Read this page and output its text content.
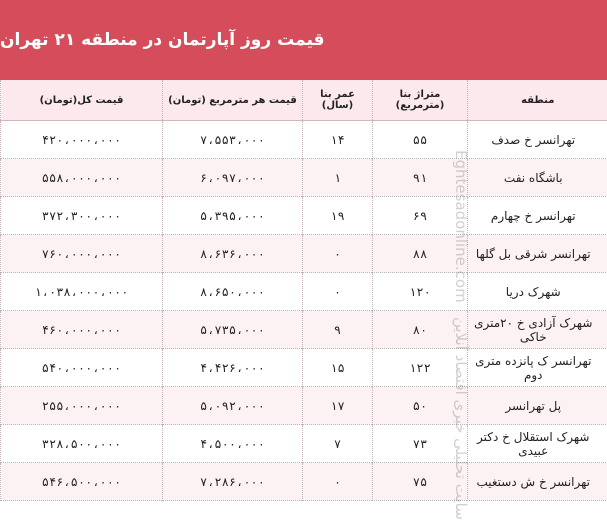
قیمت روز آپارتمان در منطقه ۲۱ تهران
منطقه	متراژ بنا (مترمربع)	عمر بنا (سال)	قیمت هر مترمربع (تومان)	قیمت کل(تومان)
تهرانسر خ صدف	۵۵	۱۴	۷،۵۵۳،۰۰۰	۴۲۰،۰۰۰،۰۰۰
باشگاه نفت	۹۱	۱	۶،۰۹۷،۰۰۰	۵۵۸،۰۰۰،۰۰۰
تهرانسر خ چهارم	۶۹	۱۹	۵،۳۹۵،۰۰۰	۳۷۲،۳۰۰،۰۰۰
تهرانسر شرقی بل گلها	۸۸	۰	۸،۶۳۶،۰۰۰	۷۶۰،۰۰۰،۰۰۰
شهرک دریا	۱۲۰	۰	۸،۶۵۰،۰۰۰	۱،۰۳۸،۰۰۰،۰۰۰
شهرک آزادی خ ۲۰متری خاکی	۸۰	۹	۵،۷۳۵،۰۰۰	۴۶۰،۰۰۰،۰۰۰
تهرانسر ک پانزده متری دوم	۱۲۲	۱۵	۴،۴۲۶،۰۰۰	۵۴۰،۰۰۰،۰۰۰
پل تهرانسر	۵۰	۱۷	۵،۰۹۲،۰۰۰	۲۵۵،۰۰۰،۰۰۰
شهرک استقلال خ دکتر عبیدی	۷۳	۷	۴،۵۰۰،۰۰۰	۳۲۸،۵۰۰،۰۰۰
تهرانسر خ ش دستغیب	۷۵	۰	۷،۲۸۶،۰۰۰	۵۴۶،۵۰۰،۰۰۰
Eghtesadonline.com   سایت تحلیلی خبری اقتصاد آنلاین
